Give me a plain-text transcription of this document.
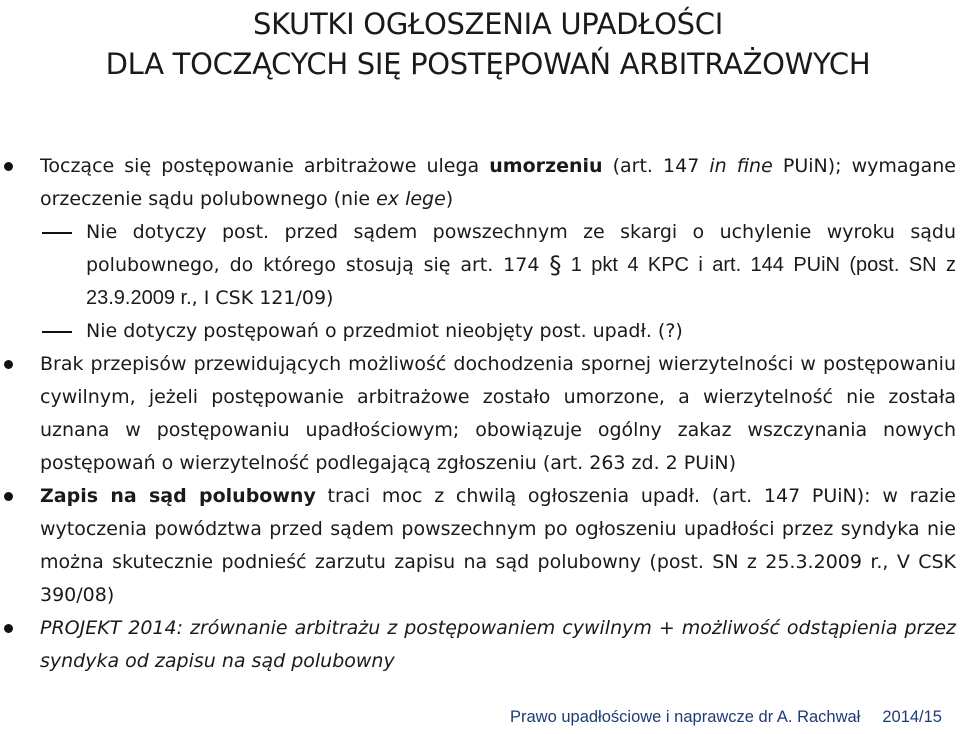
SKUTKI OGŁOSZENIA UPADŁOŚCI
DLA TOCZĄCYCH SIĘ POSTĘPOWAŃ ARBITRAŻOWYCH
Toczące się postępowanie arbitrażowe ulega umorzeniu (art. 147 in fine PUiN); wymagane orzeczenie sądu polubownego (nie ex lege)
Nie dotyczy post. przed sądem powszechnym ze skargi o uchylenie wyroku sądu polubownego, do którego stosują się art. 174 § 1 pkt 4 KPC i art. 144 PUiN (post. SN z 23.9.2009 r., I CSK 121/09)
Nie dotyczy postępowań o przedmiot nieobjęty post. upadł. (?)
Brak przepisów przewidujących możliwość dochodzenia spornej wierzytelności w postępowaniu cywilnym, jeżeli postępowanie arbitrażowe zostało umorzone, a wierzytelność nie została uznana w postępowaniu upadłościowym; obowiązuje ogólny zakaz wszczynania nowych postępowań o wierzytelność podlegającą zgłoszeniu (art. 263 zd. 2 PUiN)
Zapis na sąd polubowny traci moc z chwilą ogłoszenia upadł. (art. 147 PUiN): w razie wytoczenia powództwa przed sądem powszechnym po ogłoszeniu upadłości przez syndyka nie można skutecznie podnieść zarzutu zapisu na sąd polubowny (post. SN z 25.3.2009 r., V CSK 390/08)
PROJEKT 2014: zrównanie arbitrażu z postępowaniem cywilnym + możliwość odstąpienia przez syndyka od zapisu na sąd polubowny
Prawo upadłościowe i naprawcze dr A. Rachwał 2014/15
